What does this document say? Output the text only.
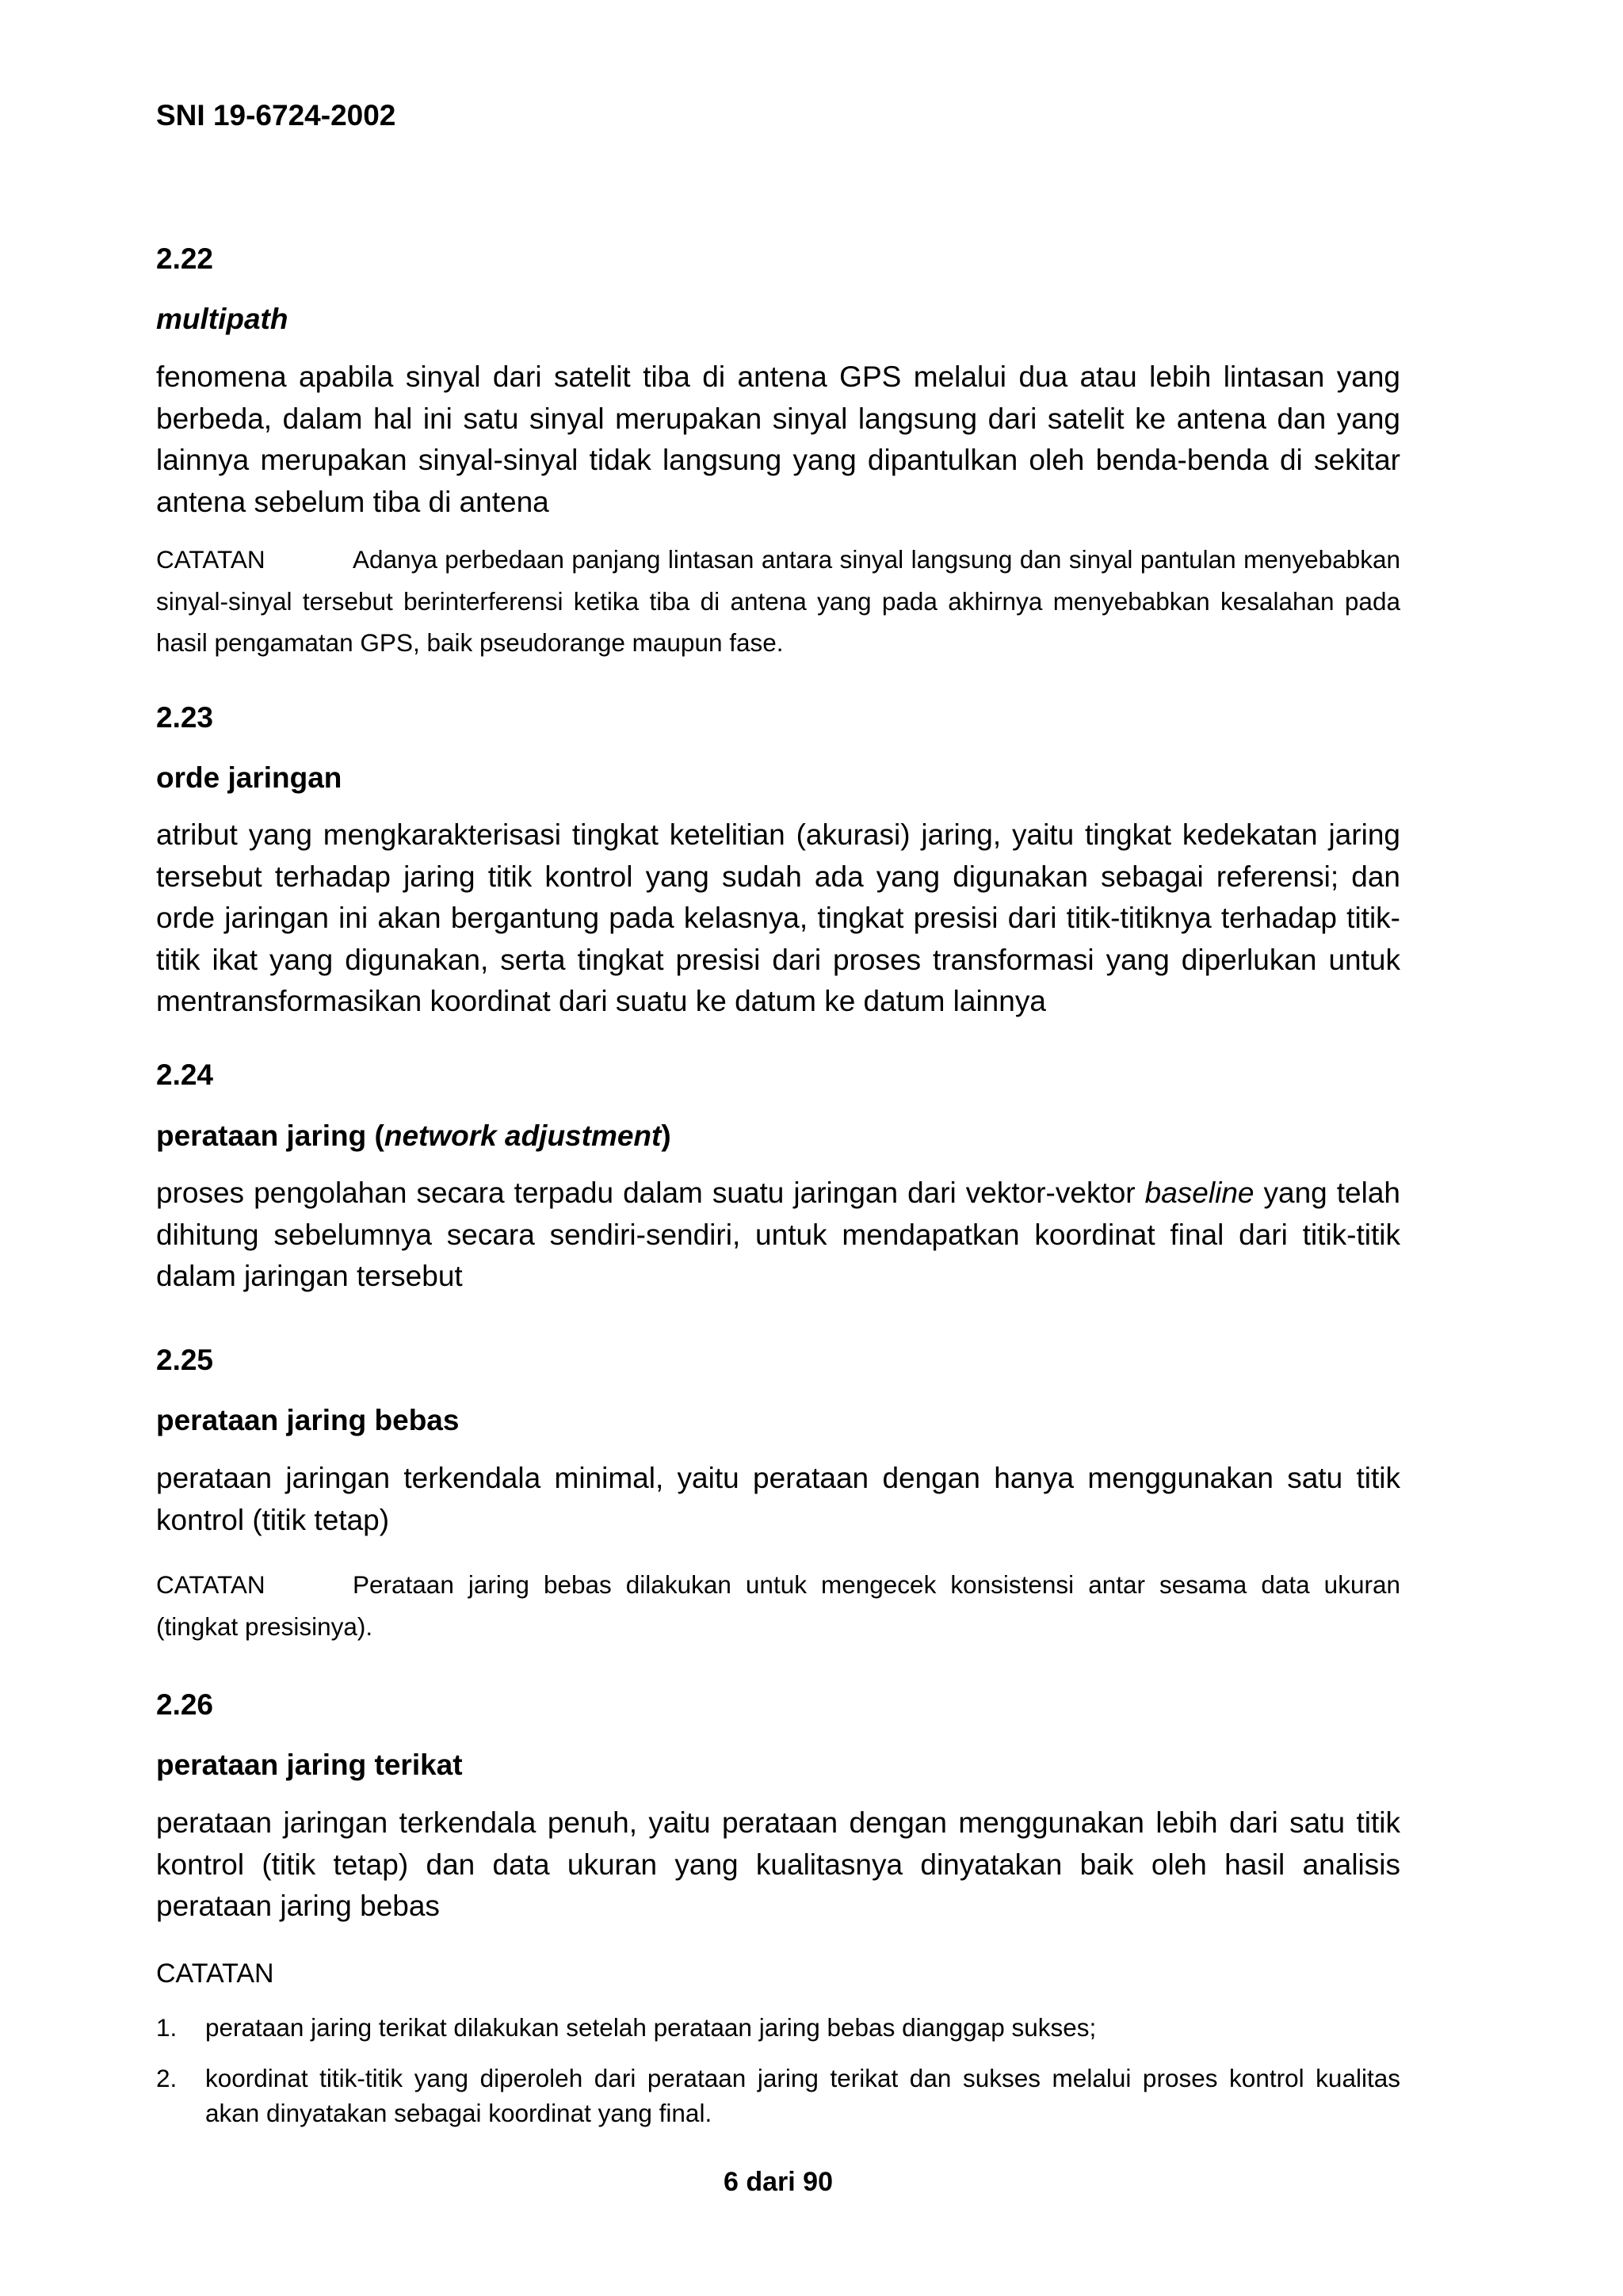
SNI 19-6724-2002
2.22
multipath

fenomena apabila sinyal dari satelit tiba di antena GPS melalui dua atau lebih lintasan yang berbeda, dalam hal ini satu sinyal merupakan sinyal langsung dari satelit ke antena dan yang lainnya merupakan sinyal-sinyal tidak langsung yang dipantulkan oleh benda-benda di sekitar antena sebelum tiba di antena

CATATAN	Adanya perbedaan panjang lintasan antara sinyal langsung dan sinyal pantulan menyebabkan sinyal-sinyal tersebut berinterferensi ketika tiba di antena yang pada akhirnya menyebabkan kesalahan pada hasil pengamatan GPS, baik pseudorange maupun fase.

2.23
orde jaringan

atribut yang mengkarakterisasi tingkat ketelitian (akurasi) jaring, yaitu tingkat kedekatan jaring tersebut terhadap jaring titik kontrol yang sudah ada yang digunakan sebagai referensi; dan orde jaringan ini akan bergantung pada kelasnya, tingkat presisi dari titik-titiknya terhadap titik-titik ikat yang digunakan, serta tingkat presisi dari proses transformasi yang diperlukan untuk mentransformasikan koordinat dari suatu ke datum ke datum lainnya

2.24
perataan jaring (network adjustment)

proses pengolahan secara terpadu dalam suatu jaringan dari vektor-vektor baseline yang telah dihitung sebelumnya secara sendiri-sendiri, untuk mendapatkan koordinat final dari titik-titik dalam jaringan tersebut

2.25
perataan jaring bebas

perataan jaringan terkendala minimal, yaitu perataan dengan hanya menggunakan satu titik kontrol (titik tetap)

CATATAN	Perataan jaring bebas dilakukan untuk mengecek konsistensi antar sesama data ukuran (tingkat presisinya).

2.26
perataan jaring terikat

perataan jaringan terkendala penuh, yaitu perataan dengan menggunakan lebih dari satu titik kontrol (titik tetap) dan data ukuran yang kualitasnya dinyatakan baik oleh hasil analisis perataan jaring bebas

CATATAN
1. perataan jaring terikat dilakukan setelah perataan jaring bebas dianggap sukses;
2. koordinat titik-titik yang diperoleh dari perataan jaring terikat dan sukses melalui proses kontrol kualitas akan dinyatakan sebagai koordinat yang final.
6 dari 90
